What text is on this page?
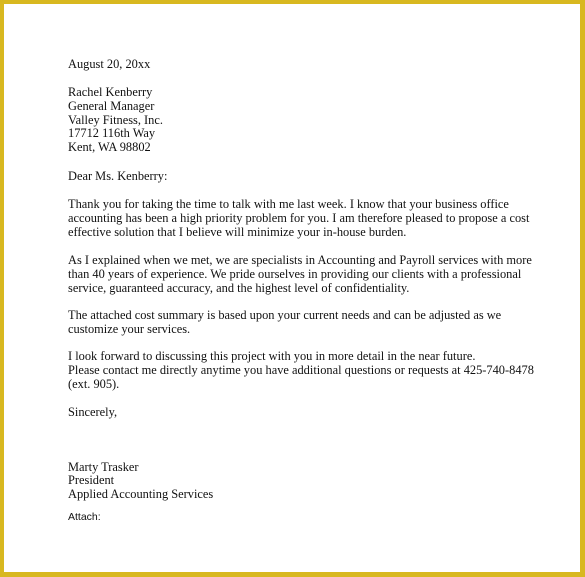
August 20, 20xx
Rachel Kenberry
General Manager
Valley Fitness, Inc.
17712 116th Way
Kent, WA 98802
Dear Ms. Kenberry:
Thank you for taking the time to talk with me last week. I know that your business office
accounting has been a high priority problem for you. I am therefore pleased to propose a cost
effective solution that I believe will minimize your in-house burden.
As I explained when we met, we are specialists in Accounting and Payroll services with more
than 40 years of experience. We pride ourselves in providing our clients with a professional
service, guaranteed accuracy, and the highest level of confidentiality.
The attached cost summary is based upon your current needs and can be adjusted as we
customize your services.
I look forward to discussing this project with you in more detail in the near future.
Please contact me directly anytime you have additional questions or requests at 425-740-8478
(ext. 905).
Sincerely,
Marty Trasker
President
Applied Accounting Services
Attach:
